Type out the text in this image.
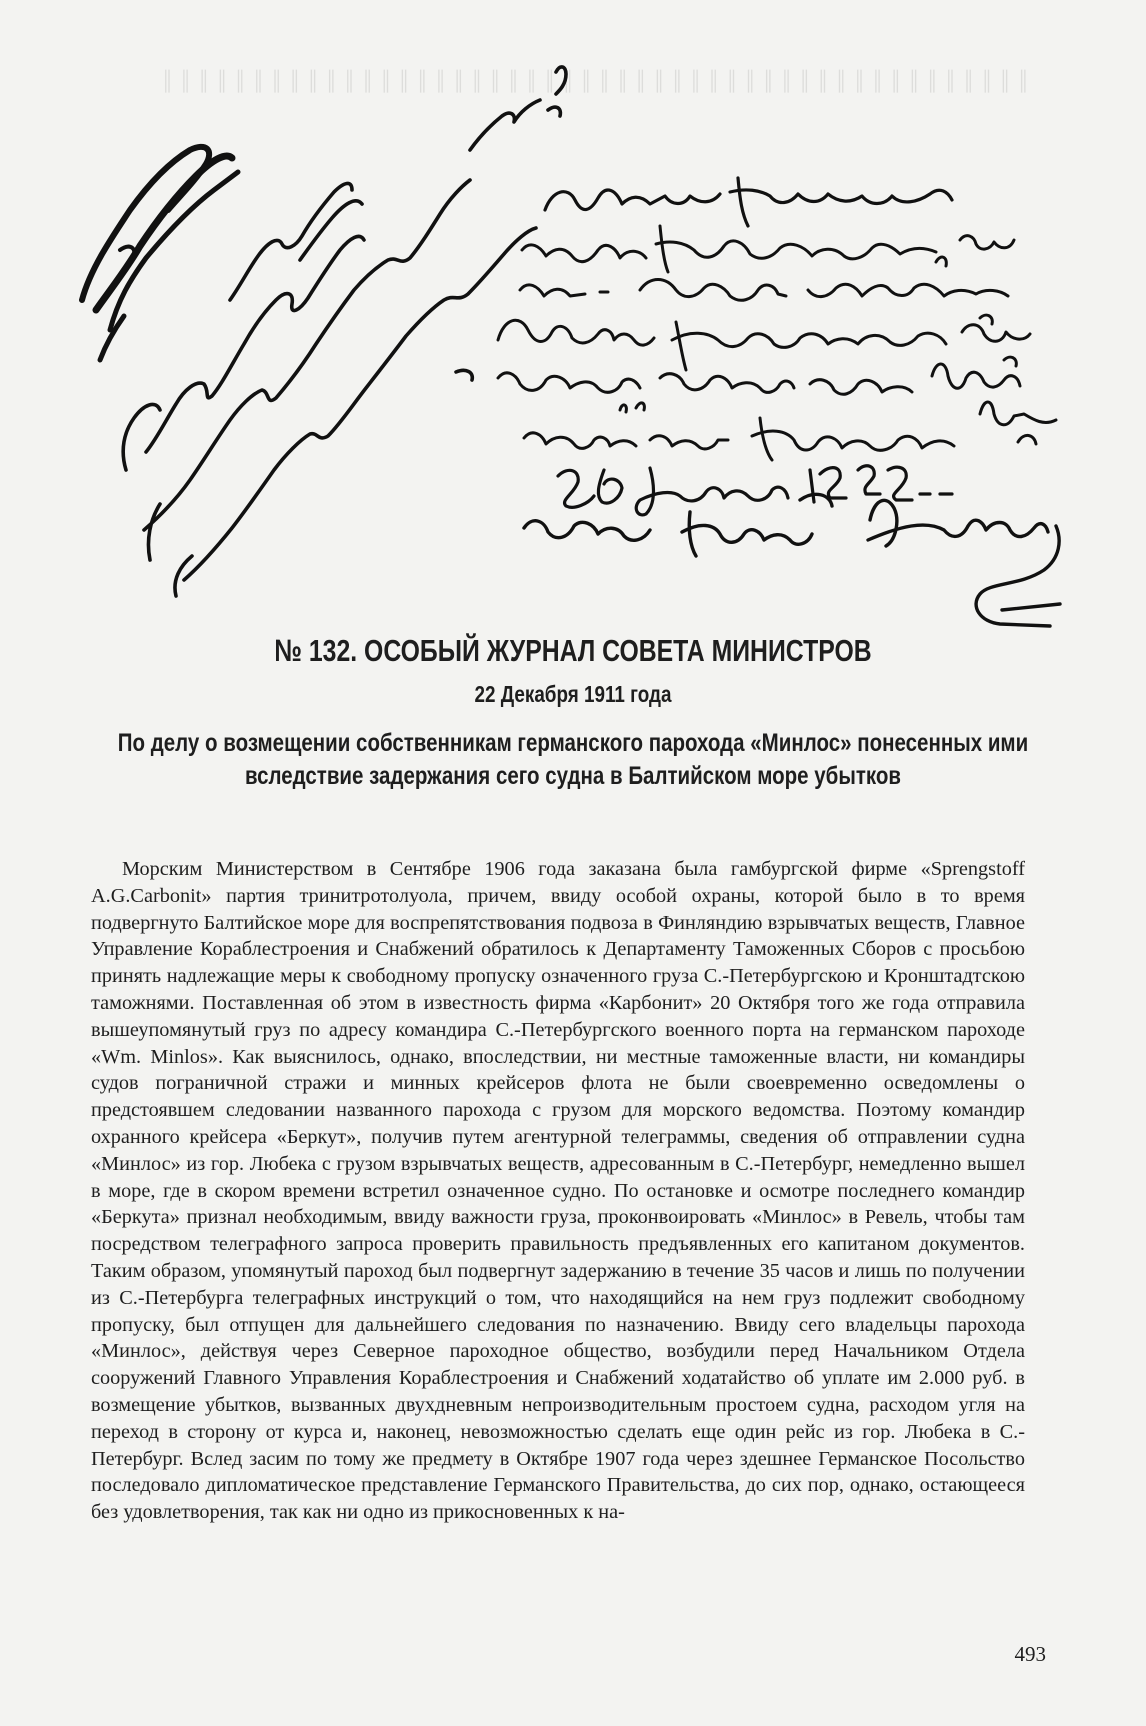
║ ║ ║ ║ ║ ║ ║ ║ ║ ║ ║ ║ ║ ║ ║ ║ ║ ║ ║ ║ ║ ║ ║ ║ ║ ║ ║ ║ ║ ║ ║ ║ ║ ║ ║ ║ ║ ║ ║ ║ ║ ║ ║ ║ ║ ║ ║ ║
№ 132. ОСОБЫЙ ЖУРНАЛ СОВЕТА МИНИСТРОВ
22 Декабря 1911 года
По делу о возмещении собственникам германского парохода «Минлос» понесенных ими вследствие задержания сего судна в Балтийском море убытков

Морским Министерством в Сентябре 1906 года заказана была гамбургской фирме «Sprengstoff A.G.Carbonit» партия тринитротолуола, причем, ввиду особой охраны, которой было в то время подвергнуто Балтийское море для воспрепятствования подвоза в Финляндию взрывчатых веществ, Главное Управление Кораблестроения и Снабжений обратилось к Департаменту Таможенных Сборов с просьбою принять надлежащие меры к свободному пропуску означенного груза С.-Петербургскою и Кронштадтскою таможнями. Поставленная об этом в известность фирма «Карбонит» 20 Октября того же года отправила вышеупомянутый груз по адресу командира С.-Петербургского военного порта на германском пароходе «Wm. Minlos». Как выяснилось, однако, впоследствии, ни местные таможенные власти, ни командиры судов пограничной стражи и минных крейсеров флота не были своевременно осведомлены о предстоявшем следовании названного парохода с грузом для морского ведомства. Поэтому командир охранного крейсера «Беркут», получив путем агентурной телеграммы, сведения об отправлении судна «Минлос» из гор. Любека с грузом взрывчатых веществ, адресованным в С.-Петербург, немедленно вышел в море, где в скором времени встретил означенное судно. По остановке и осмотре последнего командир «Беркута» признал необходимым, ввиду важности груза, проконвоировать «Минлос» в Ревель, чтобы там посредством телеграфного запроса проверить правильность предъявленных его капитаном документов. Таким образом, упомянутый пароход был подвергнут задержанию в течение 35 часов и лишь по получении из С.-Петербурга телеграфных инструкций о том, что находящийся на нем груз подлежит свободному пропуску, был отпущен для дальнейшего следования по назначению. Ввиду сего владельцы парохода «Минлос», действуя через Северное пароходное общество, возбудили перед Начальником Отдела сооружений Главного Управления Кораблестроения и Снабжений ходатайство об уплате им 2.000 руб. в возмещение убытков, вызванных двухдневным непроизводительным простоем судна, расходом угля на переход в сторону от курса и, наконец, невозможностью сделать еще один рейс из гор. Любека в С.-Петербург. Вслед засим по тому же предмету в Октябре 1907 года через здешнее Германское Посольство последовало дипломатическое представление Германского Правительства, до сих пор, однако, остающееся без удовлетворения, так как ни одно из прикосновенных к на-

493
